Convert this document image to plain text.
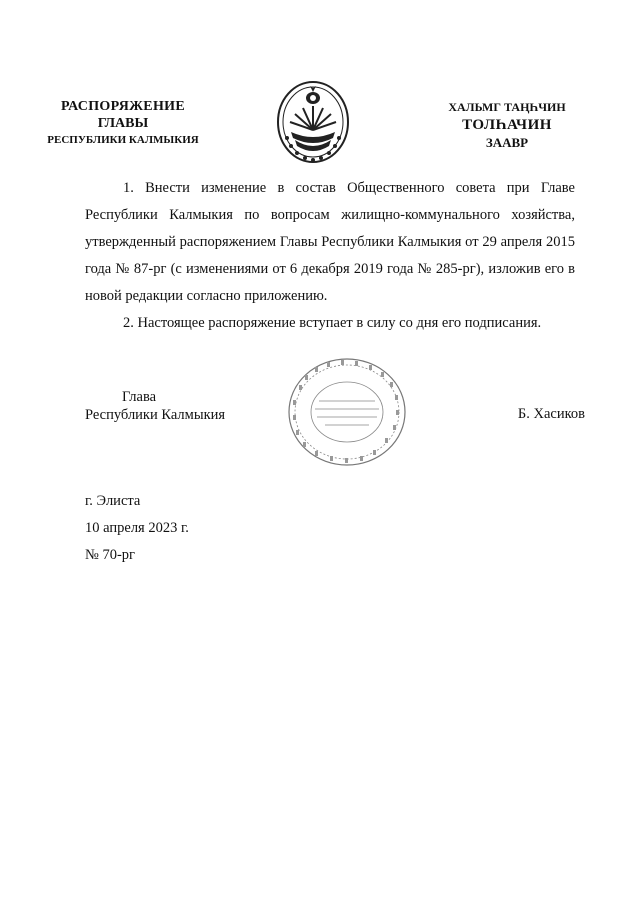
РАСПОРЯЖЕНИЕ
ГЛАВЫ
РЕСПУБЛИКИ КАЛМЫКИЯ
ХАЛЬМГ ТАҢҺЧИН
ТОЛҺАЧИН
ЗААВР

1. Внести изменение в состав Общественного совета при Главе Республики Калмыкия по вопросам жилищно-коммунального хозяйства, утвержденный распоряжением Главы Республики Калмыкия от 29 апреля 2015 года № 87-рг (с изменениями от 6 декабря 2019 года № 285-рг), изложив его в новой редакции согласно приложению.

2. Настоящее распоряжение вступает в силу со дня его подписания.

Глава
Республики Калмыкия	Б. Хасиков
г. Элиста
10 апреля 2023 г.
№ 70-рг
